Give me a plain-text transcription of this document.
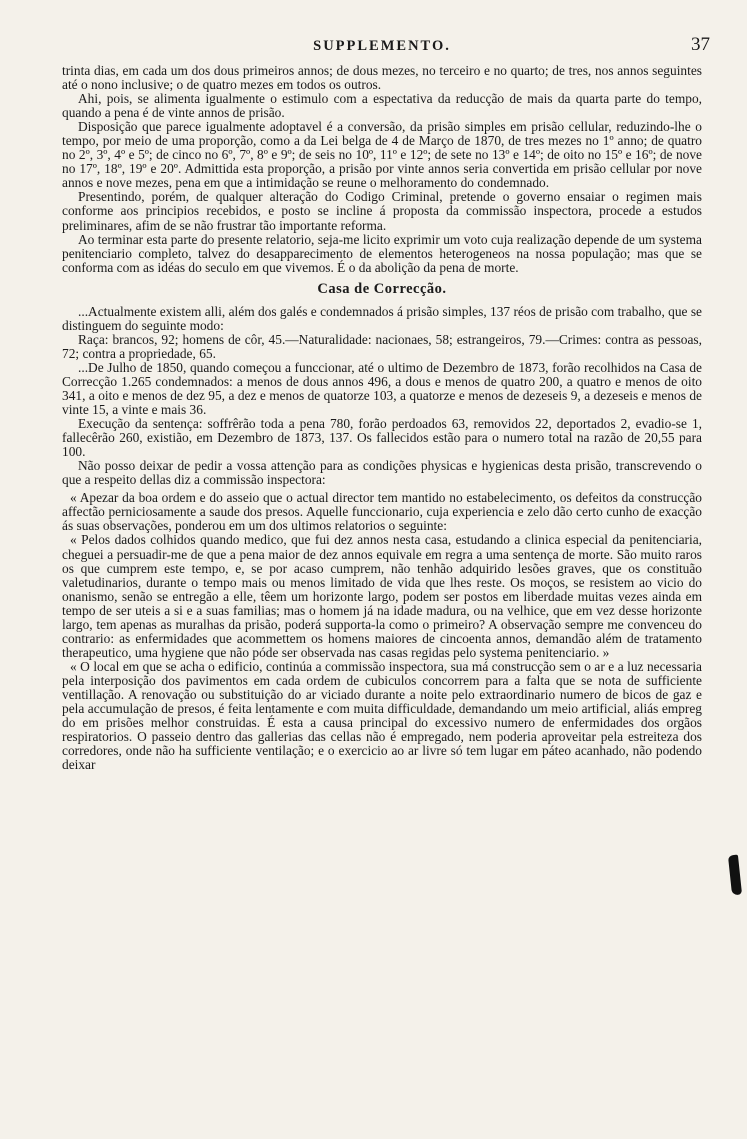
SUPPLEMENTO.	37

trinta dias, em cada um dos dous primeiros annos; de dous mezes, no terceiro e no quarto; de tres, nos annos seguintes até o nono inclusive; o de quatro mezes em todos os outros.

Ahi, pois, se alimenta igualmente o estimulo com a espectativa da reducção de mais da quarta parte do tempo, quando a pena é de vinte annos de prisão.

Disposição que parece igualmente adoptavel é a conversão, da prisão simples em prisão cellular, reduzindo-lhe o tempo, por meio de uma proporção, como a da Lei belga de 4 de Março de 1870, de tres mezes no 1º anno; de quatro no 2º, 3º, 4º e 5º; de cinco no 6º, 7º, 8º e 9º; de seis no 10º, 11º e 12º; de sete no 13º e 14º; de oito no 15º e 16º; de nove no 17º, 18º, 19º e 20º. Admittida esta proporção, a prisão por vinte annos seria convertida em prisão cellular por nove annos e nove mezes, pena em que a intimidação se reune o melhoramento do condemnado.

Presentindo, porém, de qualquer alteração do Codigo Criminal, pretende o governo ensaiar o regimen mais conforme aos principios recebidos, e posto se incline á proposta da commissão inspectora, procede a estudos preliminares, afim de se não frustrar tão importante reforma.

Ao terminar esta parte do presente relatorio, seja-me licito exprimir um voto cuja realização depende de um systema penitenciario completo, talvez do desapparecimento de elementos heterogeneos na nossa população; mas que se conforma com as idéas do seculo em que vivemos. É o da abolição da pena de morte.

Casa de Correcção.

...Actualmente existem alli, além dos galés e condemnados á prisão simples, 137 réos de prisão com trabalho, que se distinguem do seguinte modo:

Raça: brancos, 92; homens de côr, 45.—Naturalidade: nacionaes, 58; estrangeiros, 79.—Crimes: contra as pessoas, 72; contra a propriedade, 65.

...De Julho de 1850, quando começou a funccionar, até o ultimo de Dezembro de 1873, forão recolhidos na Casa de Correcção 1.265 condemnados: a menos de dous annos 496, a dous e menos de quatro 200, a quatro e menos de oito 341, a oito e menos de dez 95, a dez e menos de quatorze 103, a quatorze e menos de dezeseis 9, a dezeseis e menos de vinte 15, a vinte e mais 36.

Execução da sentença: soffrêrão toda a pena 780, forão perdoados 63, removidos 22, deportados 2, evadio-se 1, fallecêrão 260, existião, em Dezembro de 1873, 137. Os fallecidos estão para o numero total na razão de 20,55 para 100.

Não posso deixar de pedir a vossa attenção para as condições physicas e hygienicas desta prisão, transcrevendo o que a respeito dellas diz a commissão inspectora:

« Apezar da boa ordem e do asseio que o actual director tem mantido no estabelecimento, os defeitos da construcção affectão perniciosamente a saude dos presos. Aquelle funccionario, cuja experiencia e zelo dão certo cunho de exacção ás suas observações, ponderou em um dos ultimos relatorios o seguinte:

« Pelos dados colhidos quando medico, que fui dez annos nesta casa, estudando a clinica especial da penitenciaria, cheguei a persuadir-me de que a pena maior de dez annos equivale em regra a uma sentença de morte. São muito raros os que cumprem este tempo, e, se por acaso cumprem, não tenhão adquirido lesões graves, que os constituão valetudinarios, durante o tempo mais ou menos limitado de vida que lhes reste. Os moços, se resistem ao vicio do onanismo, senão se entregão a elle, têem um horizonte largo, podem ser postos em liberdade muitas vezes ainda em tempo de ser uteis a si e a suas familias; mas o homem já na idade madura, ou na velhice, que em vez desse horizonte largo, tem apenas as muralhas da prisão, poderá supporta-la como o primeiro? A observação sempre me convenceu do contrario: as enfermidades que acommettem os homens maiores de cincoenta annos, demandão além de tratamento therapeutico, uma hygiene que não póde ser observada nas casas regidas pelo systema penitenciario. »

« O local em que se acha o edificio, continúa a commissão inspectora, sua má construcção sem o ar e a luz necessaria pela interposição dos pavimentos em cada ordem de cubiculos concorrem para a falta que se nota de sufficiente ventillação. A renovação ou substituição do ar viciado durante a noite pelo extraordinario numero de bicos de gaz e pela accumulação de presos, é feita lentamente e com muita difficuldade, demandando um meio artificial, aliás empreg do em prisões melhor construidas. É esta a causa principal do excessivo numero de enfermidades dos orgãos respiratorios. O passeio dentro das gallerias das cellas não é empregado, nem poderia aproveitar pela estreiteza dos corredores, onde não ha sufficiente ventilação; e o exercicio ao ar livre só tem lugar em páteo acanhado, não podendo deixar
